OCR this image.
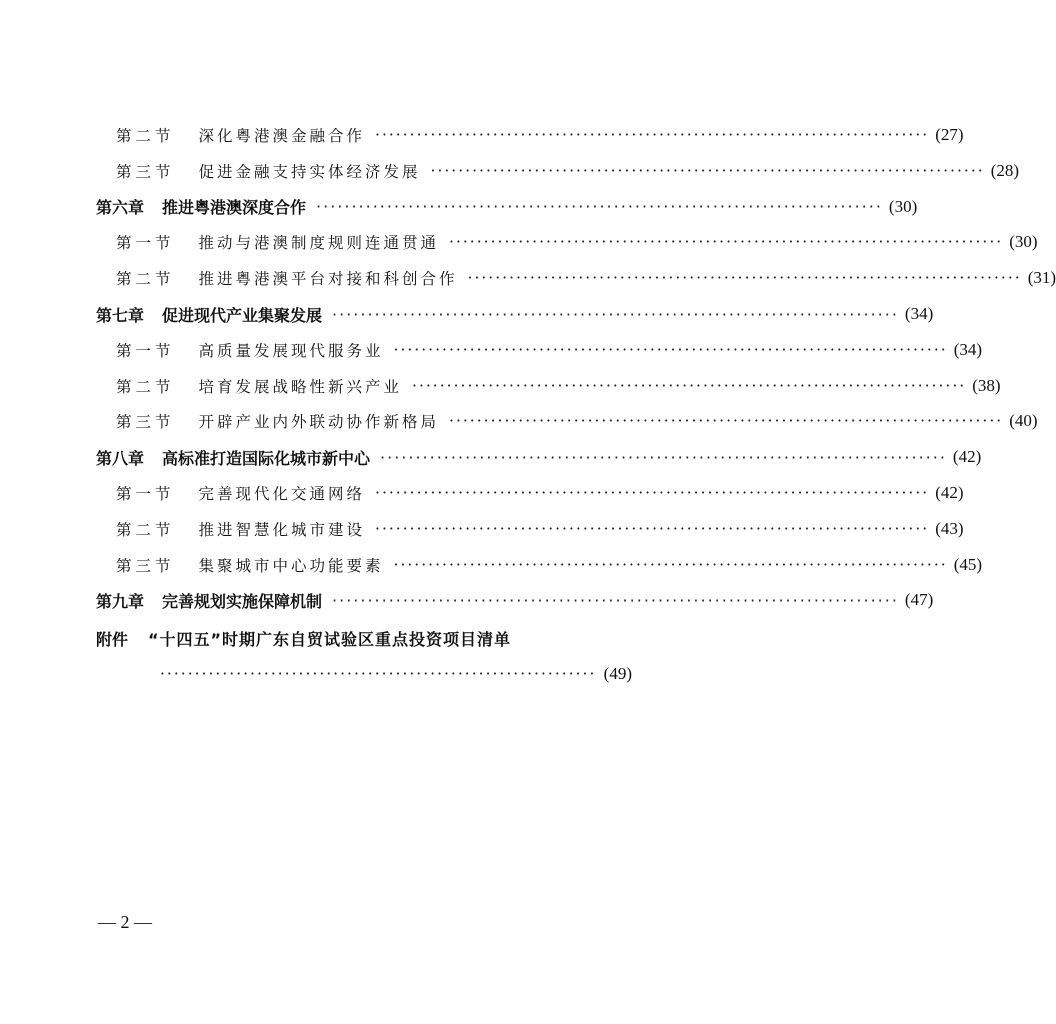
第二节 深化粤港澳金融合作 ················································································ (27)
第三节 促进金融支持实体经济发展 ················································································ (28)
第六章 推进粤港澳深度合作 ················································································ (30)
第一节 推动与港澳制度规则连通贯通 ················································································ (30)
第二节 推进粤港澳平台对接和科创合作 ················································································ (31)
第七章 促进现代产业集聚发展 ················································································ (34)
第一节 高质量发展现代服务业 ················································································ (34)
第二节 培育发展战略性新兴产业 ················································································ (38)
第三节 开辟产业内外联动协作新格局 ················································································ (40)
第八章 高标准打造国际化城市新中心 ················································································ (42)
第一节 完善现代化交通网络 ················································································ (42)
第二节 推进智慧化城市建设 ················································································ (43)
第三节 集聚城市中心功能要素 ················································································ (45)
第九章 完善规划实施保障机制 ················································································ (47)
附件 “十四五”时期广东自贸试验区重点投资项目清单
······························································· (49)
— 2 —
